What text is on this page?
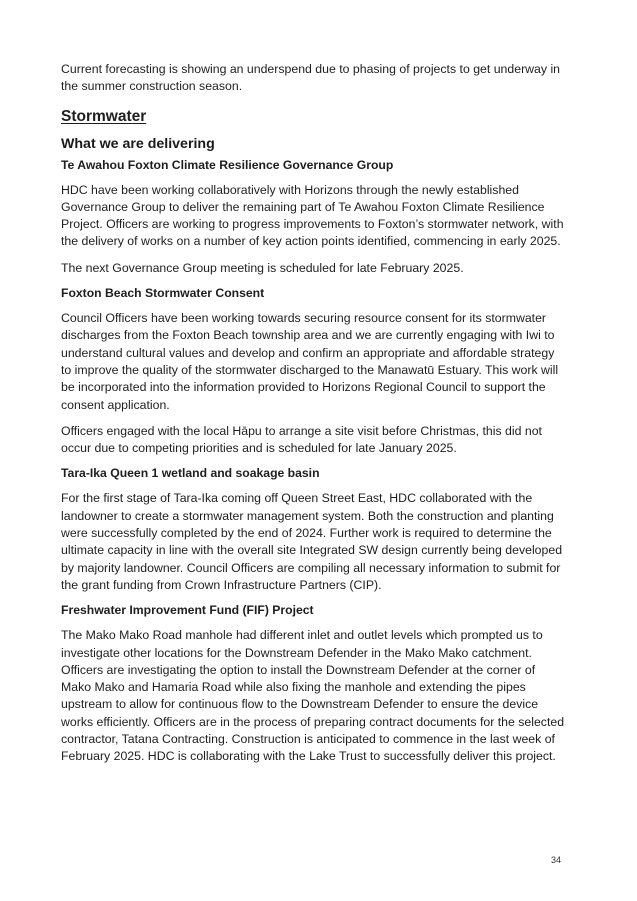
Current forecasting is showing an underspend due to phasing of projects to get underway in the summer construction season.

Stormwater
What we are delivering
Te Awahou Foxton Climate Resilience Governance Group

HDC have been working collaboratively with Horizons through the newly established Governance Group to deliver the remaining part of Te Awahou Foxton Climate Resilience Project. Officers are working to progress improvements to Foxton’s stormwater network, with the delivery of works on a number of key action points identified, commencing in early 2025.

The next Governance Group meeting is scheduled for late February 2025.

Foxton Beach Stormwater Consent

Council Officers have been working towards securing resource consent for its stormwater discharges from the Foxton Beach township area and we are currently engaging with Iwi to understand cultural values and develop and confirm an appropriate and affordable strategy to improve the quality of the stormwater discharged to the Manawatū Estuary. This work will be incorporated into the information provided to Horizons Regional Council to support the consent application.

Officers engaged with the local Hāpu to arrange a site visit before Christmas, this did not occur due to competing priorities and is scheduled for late January 2025.

Tara-Ika Queen 1 wetland and soakage basin

For the first stage of Tara-Ika coming off Queen Street East, HDC collaborated with the landowner to create a stormwater management system. Both the construction and planting were successfully completed by the end of 2024. Further work is required to determine the ultimate capacity in line with the overall site Integrated SW design currently being developed by majority landowner. Council Officers are compiling all necessary information to submit for the grant funding from Crown Infrastructure Partners (CIP).

Freshwater Improvement Fund (FIF) Project

The Mako Mako Road manhole had different inlet and outlet levels which prompted us to investigate other locations for the Downstream Defender in the Mako Mako catchment. Officers are investigating the option to install the Downstream Defender at the corner of Mako Mako and Hamaria Road while also fixing the manhole and extending the pipes upstream to allow for continuous flow to the Downstream Defender to ensure the device works efficiently. Officers are in the process of preparing contract documents for the selected contractor, Tatana Contracting. Construction is anticipated to commence in the last week of February 2025. HDC is collaborating with the Lake Trust to successfully deliver this project.

34
